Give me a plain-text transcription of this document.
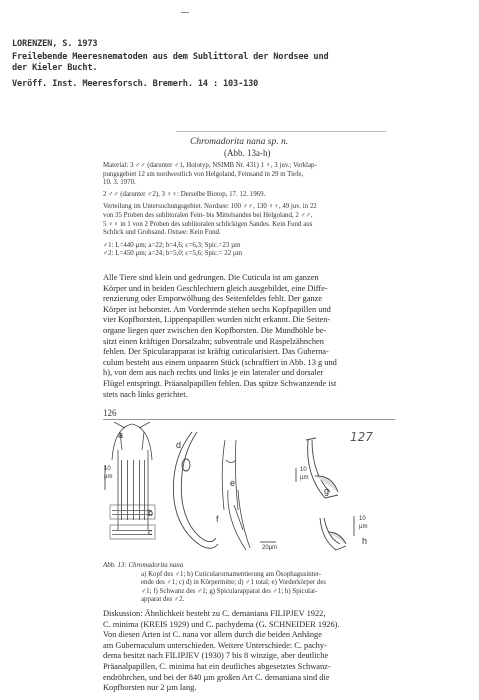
LORENZEN, S. 1973
Freilebende Meeresnematoden aus dem Sublittoral der Nordsee und
der Kieler Bucht.
Veröff. Inst. Meeresforsch. Bremerh. 14 : 103-130
Chromadorita nana sp. n.
(Abb. 13a-h)
Material: 3 ♂♂ (darunter ♂1, Holotyp, NSIMB Nr. 431) 1 ♀, 3 juv.; Verklap-
pungsgebiet 12 sm nordwestlich von Helgoland, Feinsand in 29 m Tiefe,
10. 3. 1970.
2 ♂♂ (darunter ♂2), 3 ♀♀: Derselbe Biotop, 17. 12. 1969.
Verteilung im Untersuchungsgebiet. Nordsee: 100 ♂♂, 130 ♀♀, 49 juv. in 22
von 35 Proben des sublitoralen Fein- bis Mittelsandes bei Helgoland, 2 ♂♂,
5 ♀♀ in 1 von 2 Proben des sublitoralen schlickigen Sandes. Kein Fund aus
Schlick und Grobsand. Ostsee: Kein Fund.
♂1: L=440 µm; a=22; b=4,6; c=6,3; Spic.=23 µm
♂2: L=450 µm; a=24; b=5,0; c=5,6; Spic.= 22 µm
Alle Tiere sind klein und gedrungen. Die Cuticula ist am ganzen
Körper und in beiden Geschlechtern gleich ausgebildet, eine Diffe-
renzierung oder Emporwölbung des Seitenfeldes fehlt. Der ganze
Körper ist beborstet. Am Vorderende stehen sechs Kopfpapillen und
vier Kopfborsten, Lippenpapillen wurden nicht erkannt. Die Seiten-
organe liegen quer zwischen den Kopfborsten. Die Mundhöhle be-
sitzt einen kräftigen Dorsalzahn; subventrale und Raspelzähnchen
fehlen. Der Spicularapparat ist kräftig cuticularisiert. Das Guberna-
culum besteht aus einem unpaaren Stück (schraffiert in Abb. 13 g und
h), von dem aus nach rechts und links je ein lateraler und dorsaler
Flügel entspringt. Präanalpapillen fehlen. Das spitze Schwanzende ist
stets nach links gerichtet.
126
a
b
c
d
e
f
g
h
10
µm
10
µm
10
µm
20µm
127
Abb. 13: Chromadorita nana
a) Kopf des ♂1; b) Cuticularornamentierung am Ösophagusinter-
ende des ♂1; c) d) in Körpermitte; d) ♂1 total; e) Vorderkörper des
♂1; f) Schwanz des ♂1; g) Spicularapparat des ♂1; h) Spicular-
apparat des ♂2.
Diskussion: Ähnlichkeit besteht zu C. demaniana FILIPJEV 1922,
C. minima (KREIS 1929) und C. pachydema (G. SCHNEIDER 1926).
Von diesen Arten ist C. nana vor allem durch die beiden Anhänge
am Gubernaculum unterschieden. Weitere Unterschiede: C. pachy-
dema besitzt nach FILIPJEV (1930) 7 bis 8 winzige, aber deutliche
Präanalpapillen, C. minima hat ein deutliches abgesetztes Schwanz-
endröhrchen, und bei der 840 µm großen Art C. demaniana sind die
Kopfborsten nur 2 µm lang.
